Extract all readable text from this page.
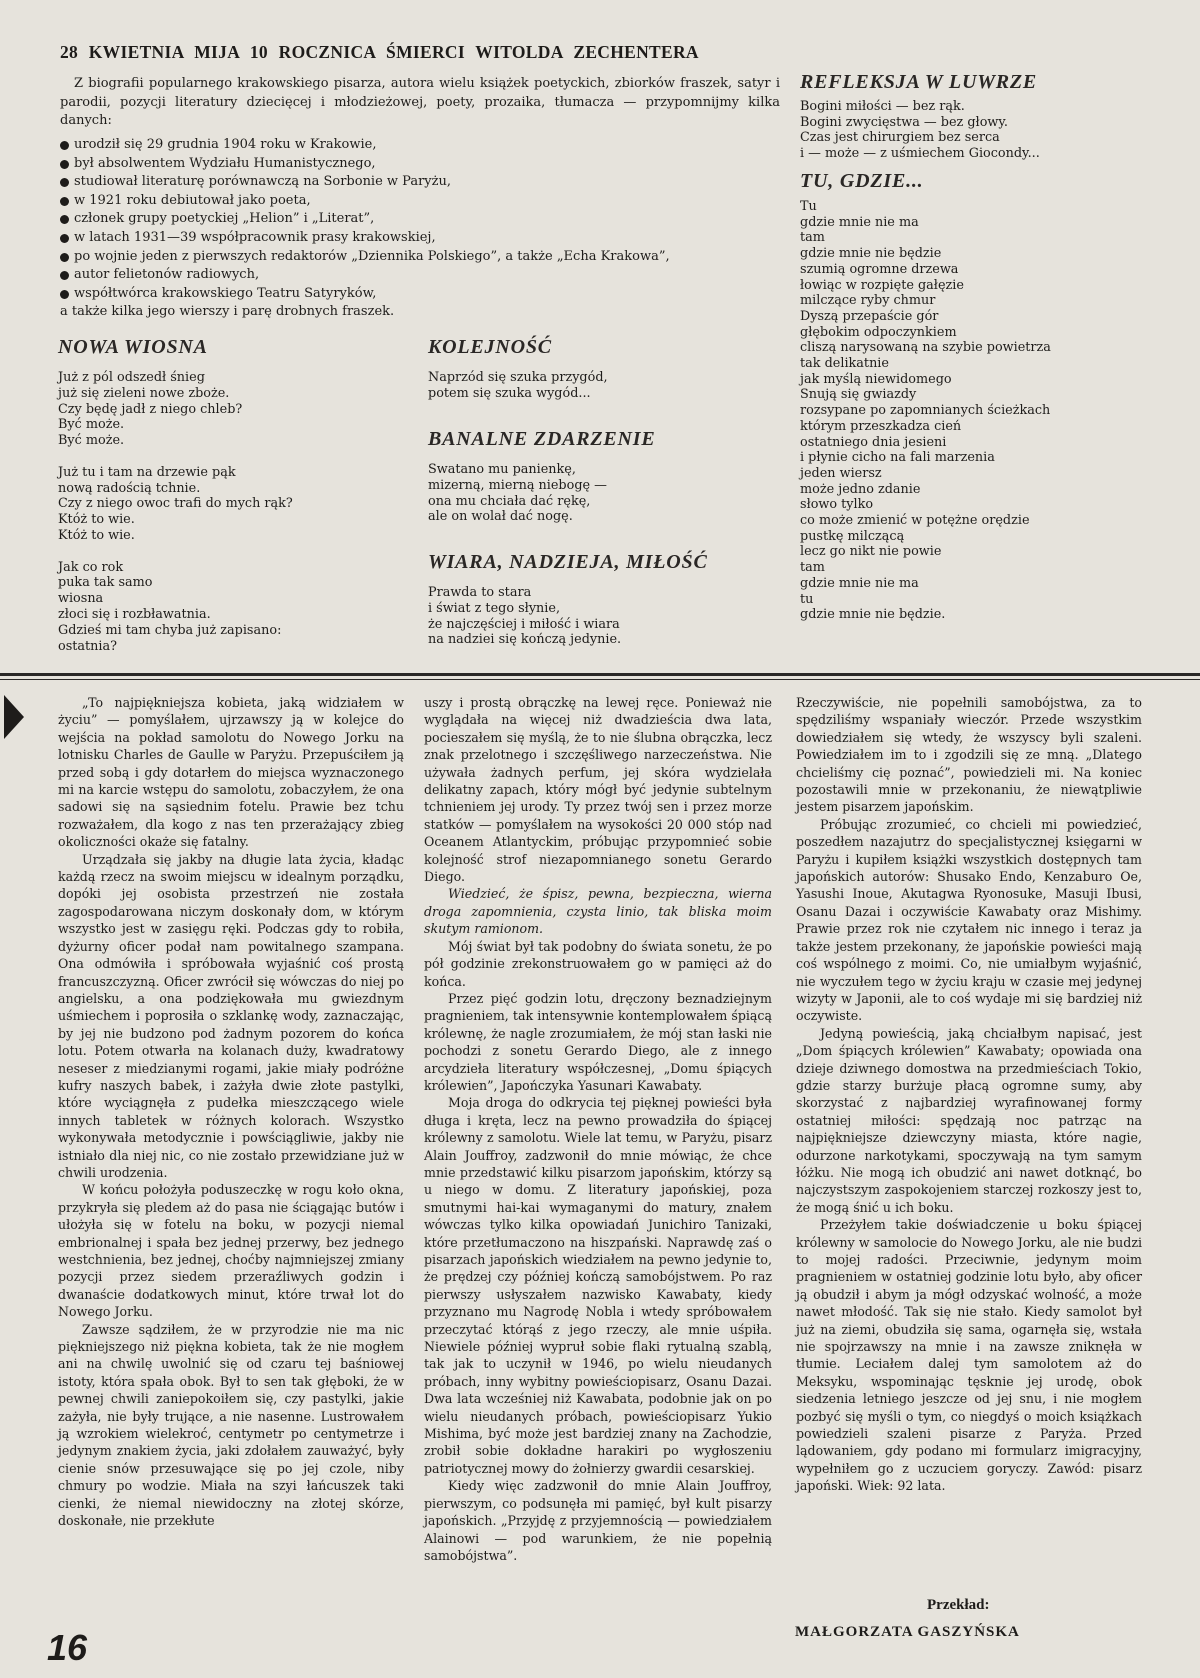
28 KWIETNIA MIJA 10 ROCZNICA ŚMIERCI WITOLDA ZECHENTERA

Z biografii popularnego krakowskiego pisarza, autora wielu książek poetyckich, zbiorków fraszek, satyr i parodii, pozycji literatury dziecięcej i młodzieżowej, poety, prozaika, tłumacza — przypomnijmy kilka danych:

urodził się 29 grudnia 1904 roku w Krakowie,
był absolwentem Wydziału Humanistycznego,
studiował literaturę porównawczą na Sorbonie w Paryżu,
w 1921 roku debiutował jako poeta,
członek grupy poetyckiej „Helion” i „Literat”,
w latach 1931—39 współpracownik prasy krakowskiej,
po wojnie jeden z pierwszych redaktorów „Dziennika Polskiego”, a także „Echa Krakowa”,
autor felietonów radiowych,
współtwórca krakowskiego Teatru Satyryków,
a także kilka jego wierszy i parę drobnych fraszek.
NOWA WIOSNA

Już z pól odszedł śnieg
już się zieleni nowe zboże.
Czy będę jadł z niego chleb?
Być może.
Być może.

Już tu i tam na drzewie pąk
nową radością tchnie.
Czy z niego owoc trafi do mych rąk?
Któż to wie.
Któż to wie.

Jak co rok
puka tak samo
wiosna
złoci się i rozbławatnia.
Gdzieś mi tam chyba już zapisano:
ostatnia?

KOLEJNOŚĆ

Naprzód się szuka przygód,
potem się szuka wygód...

BANALNE ZDARZENIE

Swatano mu panienkę,
mizerną, mierną niebogę —
ona mu chciała dać rękę,
ale on wolał dać nogę.

WIARA, NADZIEJA, MIŁOŚĆ

Prawda to stara
i świat z tego słynie,
że najczęściej i miłość i wiara
na nadziei się kończą jedynie.

REFLEKSJA W LUWRZE

Bogini miłości — bez rąk.
Bogini zwycięstwa — bez głowy.
Czas jest chirurgiem bez serca
i — może — z uśmiechem Giocondy...

TU, GDZIE...

Tu
gdzie mnie nie ma
tam
gdzie mnie nie będzie
szumią ogromne drzewa
łowiąc w rozpięte gałęzie
milczące ryby chmur
Dyszą przepaście gór
głębokim odpoczynkiem
cliszą narysowaną na szybie powietrza
tak delikatnie
jak myślą niewidomego
Snują się gwiazdy
rozsypane po zapomnianych ścieżkach
którym przeszkadza cień
ostatniego dnia jesieni
i płynie cicho na fali marzenia
jeden wiersz
może jedno zdanie
słowo tylko
co może zmienić w potężne orędzie
pustkę milczącą
lecz go nikt nie powie
tam
gdzie mnie nie ma
tu
gdzie mnie nie będzie.

„To najpiękniejsza kobieta, jaką widziałem w życiu” — pomyślałem, ujrzawszy ją w kolejce do wejścia na pokład samolotu do Nowego Jorku na lotnisku Charles de Gaulle w Paryżu. Przepuściłem ją przed sobą i gdy dotarłem do miejsca wyznaczonego mi na karcie wstępu do samolotu, zobaczyłem, że ona sadowi się na sąsiednim fotelu. Prawie bez tchu rozważałem, dla kogo z nas ten przerażający zbieg okoliczności okaże się fatalny.

Urządzała się jakby na długie lata życia, kładąc każdą rzecz na swoim miejscu w idealnym porządku, dopóki jej osobista przestrzeń nie została zagospodarowana niczym doskonały dom, w którym wszystko jest w zasięgu ręki. Podczas gdy to robiła, dyżurny oficer podał nam powitalnego szampana. Ona odmówiła i spróbowała wyjaśnić coś prostą francuszczyzną. Oficer zwrócił się wówczas do niej po angielsku, a ona podziękowała mu gwiezdnym uśmiechem i poprosiła o szklankę wody, zaznaczając, by jej nie budzono pod żadnym pozorem do końca lotu. Potem otwarła na kolanach duży, kwadratowy neseser z miedzianymi rogami, jakie miały podróżne kufry naszych babek, i zażyła dwie złote pastylki, które wyciągnęła z pudełka mieszczącego wiele innych tabletek w różnych kolorach. Wszystko wykonywała metodycznie i powściągliwie, jakby nie istniało dla niej nic, co nie zostało przewidziane już w chwili urodzenia.

W końcu położyła poduszeczkę w rogu koło okna, przykryła się pledem aż do pasa nie ściągając butów i ułożyła się w fotelu na boku, w pozycji niemal embrionalnej i spała bez jednej przerwy, bez jednego westchnienia, bez jednej, choćby najmniejszej zmiany pozycji przez siedem przeraźliwych godzin i dwanaście dodatkowych minut, które trwał lot do Nowego Jorku.

Zawsze sądziłem, że w przyrodzie nie ma nic piękniejszego niż piękna kobieta, tak że nie mogłem ani na chwilę uwolnić się od czaru tej baśniowej istoty, która spała obok. Był to sen tak głęboki, że w pewnej chwili zaniepokoiłem się, czy pastylki, jakie zażyła, nie były trujące, a nie nasenne. Lustrowałem ją wzrokiem wielekroć, centymetr po centymetrze i jedynym znakiem życia, jaki zdołałem zauważyć, były cienie snów przesuwające się po jej czole, niby chmury po wodzie. Miała na szyi łańcuszek taki cienki, że niemal niewidoczny na złotej skórze, doskonałe, nie przekłute

uszy i prostą obrączkę na lewej ręce. Ponieważ nie wyglądała na więcej niż dwadzieścia dwa lata, pocieszałem się myślą, że to nie ślubna obrączka, lecz znak przelotnego i szczęśliwego narzeczeństwa. Nie używała żadnych perfum, jej skóra wydzielała delikatny zapach, który mógł być jedynie subtelnym tchnieniem jej urody. Ty przez twój sen i przez morze statków — pomyślałem na wysokości 20 000 stóp nad Oceanem Atlantyckim, próbując przypomnieć sobie kolejność strof niezapomnianego sonetu Gerardo Diego.

Wiedzieć, że śpisz, pewna, bezpieczna, wierna droga zapomnienia, czysta linio, tak bliska moim skutym ramionom.

Mój świat był tak podobny do świata sonetu, że po pół godzinie zrekonstruowałem go w pamięci aż do końca.

Przez pięć godzin lotu, dręczony beznadziejnym pragnieniem, tak intensywnie kontemplowałem śpiącą królewnę, że nagle zrozumiałem, że mój stan łaski nie pochodzi z sonetu Gerardo Diego, ale z innego arcydzieła literatury współczesnej, „Domu śpiących królewien”, Japończyka Yasunari Kawabaty.

Moja droga do odkrycia tej pięknej powieści była długa i kręta, lecz na pewno prowadziła do śpiącej królewny z samolotu. Wiele lat temu, w Paryżu, pisarz Alain Jouffroy, zadzwonił do mnie mówiąc, że chce mnie przedstawić kilku pisarzom japońskim, którzy są u niego w domu. Z literatury japońskiej, poza smutnymi hai-kai wymaganymi do matury, znałem wówczas tylko kilka opowiadań Junichiro Tanizaki, które przetłumaczono na hiszpański. Naprawdę zaś o pisarzach japońskich wiedziałem na pewno jedynie to, że prędzej czy później kończą samobójstwem. Po raz pierwszy usłyszałem nazwisko Kawabaty, kiedy przyznano mu Nagrodę Nobla i wtedy spróbowałem przeczytać którąś z jego rzeczy, ale mnie uśpiła. Niewiele później wypruł sobie flaki rytualną szablą, tak jak to uczynił w 1946, po wielu nieudanych próbach, inny wybitny powieściopisarz, Osanu Dazai. Dwa lata wcześniej niż Kawabata, podobnie jak on po wielu nieudanych próbach, powieściopisarz Yukio Mishima, być może jest bardziej znany na Zachodzie, zrobił sobie dokładne harakiri po wygłoszeniu patriotycznej mowy do żołnierzy gwardii cesarskiej.

Kiedy więc zadzwonił do mnie Alain Jouffroy, pierwszym, co podsunęła mi pamięć, był kult pisarzy japońskich. „Przyjdę z przyjemnością — powiedziałem Alainowi — pod warunkiem, że nie popełnią samobójstwa”.

Rzeczywiście, nie popełnili samobójstwa, za to spędziliśmy wspaniały wieczór. Przede wszystkim dowiedziałem się wtedy, że wszyscy byli szaleni. Powiedziałem im to i zgodzili się ze mną. „Dlatego chcieliśmy cię poznać”, powiedzieli mi. Na koniec pozostawili mnie w przekonaniu, że niewątpliwie jestem pisarzem japońskim.

Próbując zrozumieć, co chcieli mi powiedzieć, poszedłem nazajutrz do specjalistycznej księgarni w Paryżu i kupiłem książki wszystkich dostępnych tam japońskich autorów: Shusako Endo, Kenzaburo Oe, Yasushi Inoue, Akutagwa Ryonosuke, Masuji Ibusi, Osanu Dazai i oczywiście Kawabaty oraz Mishimy. Prawie przez rok nie czytałem nic innego i teraz ja także jestem przekonany, że japońskie powieści mają coś wspólnego z moimi. Co, nie umiałbym wyjaśnić, nie wyczułem tego w życiu kraju w czasie mej jedynej wizyty w Japonii, ale to coś wydaje mi się bardziej niż oczywiste.

Jedyną powieścią, jaką chciałbym napisać, jest „Dom śpiących królewien” Kawabaty; opowiada ona dzieje dziwnego domostwa na przedmieściach Tokio, gdzie starzy burżuje płacą ogromne sumy, aby skorzystać z najbardziej wyrafinowanej formy ostatniej miłości: spędzają noc patrząc na najpiękniejsze dziewczyny miasta, które nagie, odurzone narkotykami, spoczywają na tym samym łóżku. Nie mogą ich obudzić ani nawet dotknąć, bo najczystszym zaspokojeniem starczej rozkoszy jest to, że mogą śnić u ich boku.

Przeżyłem takie doświadczenie u boku śpiącej królewny w samolocie do Nowego Jorku, ale nie budzi to mojej radości. Przeciwnie, jedynym moim pragnieniem w ostatniej godzinie lotu było, aby oficer ją obudził i abym ja mógł odzyskać wolność, a może nawet młodość. Tak się nie stało. Kiedy samolot był już na ziemi, obudziła się sama, ogarnęła się, wstała nie spojrzawszy na mnie i na zawsze zniknęła w tłumie. Leciałem dalej tym samolotem aż do Meksyku, wspominając tęsknie jej urodę, obok siedzenia letniego jeszcze od jej snu, i nie mogłem pozbyć się myśli o tym, co niegdyś o moich książkach powiedzieli szaleni pisarze z Paryża. Przed lądowaniem, gdy podano mi formularz imigracyjny, wypełniłem go z uczuciem goryczy. Zawód: pisarz japoński. Wiek: 92 lata.

Przekład:
MAŁGORZATA GASZYŃSKA
16
